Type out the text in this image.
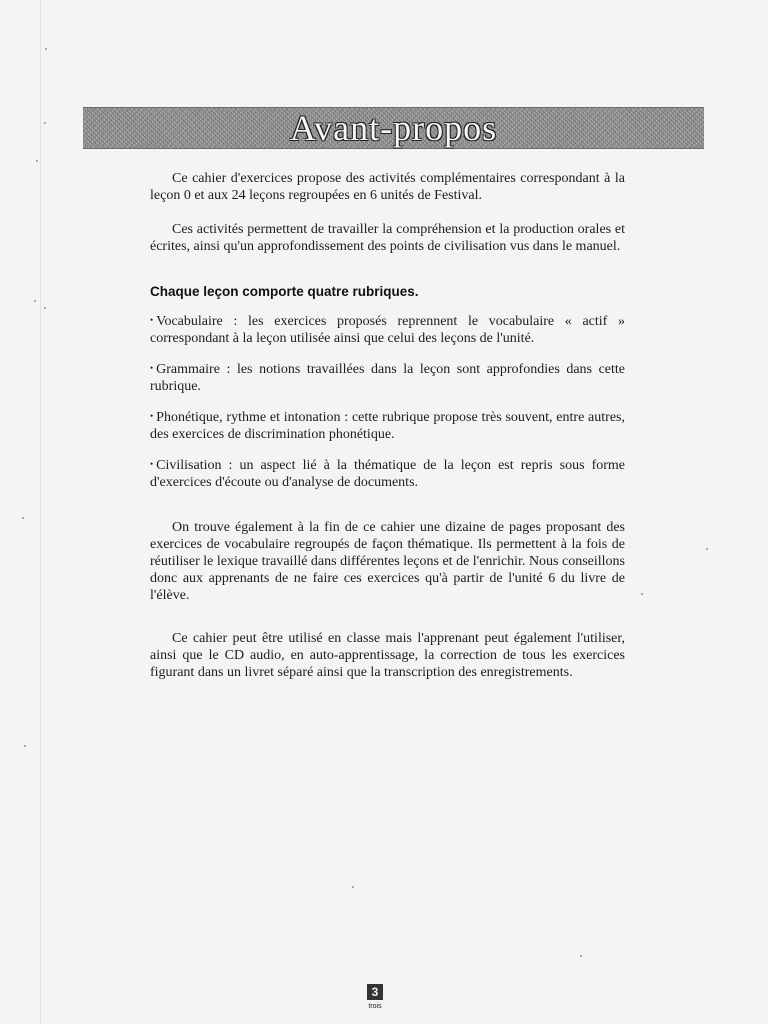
Avant-propos

Ce cahier d'exercices propose des activités complémentaires correspondant à la leçon 0 et aux 24 leçons regroupées en 6 unités de Festival.

Ces activités permettent de travailler la compréhension et la production orales et écrites, ainsi qu'un approfondissement des points de civilisation vus dans le manuel.

Chaque leçon comporte quatre rubriques.

• Vocabulaire : les exercices proposés reprennent le vocabulaire « actif » correspondant à la leçon utilisée ainsi que celui des leçons de l'unité.

• Grammaire : les notions travaillées dans la leçon sont approfondies dans cette rubrique.

• Phonétique, rythme et intonation : cette rubrique propose très souvent, entre autres, des exercices de discrimination phonétique.

• Civilisation : un aspect lié à la thématique de la leçon est repris sous forme d'exercices d'écoute ou d'analyse de documents.

On trouve également à la fin de ce cahier une dizaine de pages proposant des exercices de vocabulaire regroupés de façon thématique. Ils permettent à la fois de réutiliser le lexique travaillé dans différentes leçons et de l'enrichir. Nous conseillons donc aux apprenants de ne faire ces exercices qu'à partir de l'unité 6 du livre de l'élève.

Ce cahier peut être utilisé en classe mais l'apprenant peut également l'utiliser, ainsi que le CD audio, en auto-apprentissage, la correction de tous les exercices figurant dans un livret séparé ainsi que la transcription des enregistrements.

3
trois
